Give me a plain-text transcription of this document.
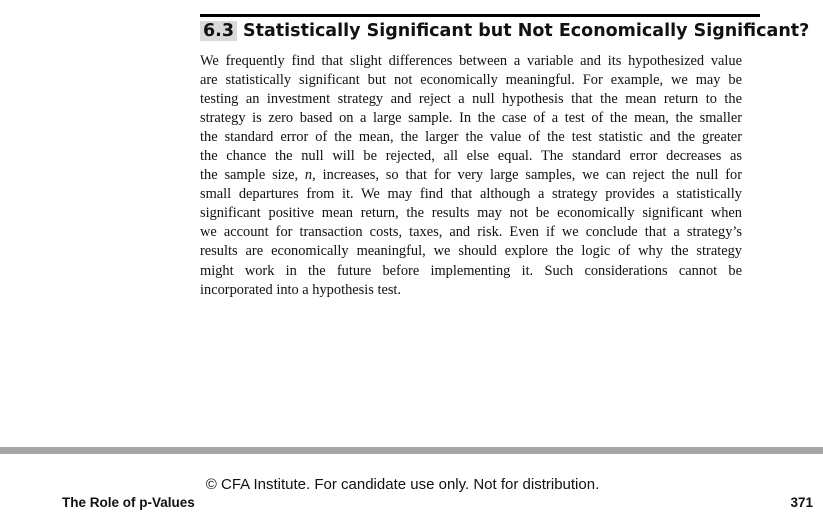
6.3 Statistically Significant but Not Economically Significant?
We frequently find that slight differences between a variable and its hypothesized value
are statistically significant but not economically meaningful. For example, we may be
testing an investment strategy and reject a null hypothesis that the mean return to the
strategy is zero based on a large sample. In the case of a test of the mean, the smaller
the standard error of the mean, the larger the value of the test statistic and the greater
the chance the null will be rejected, all else equal. The standard error decreases as
the sample size, n, increases, so that for very large samples, we can reject the null for
small departures from it. We may find that although a strategy provides a statistically
significant positive mean return, the results may not be economically significant when
we account for transaction costs, taxes, and risk. Even if we conclude that a strategy’s
results are economically meaningful, we should explore the logic of why the strategy
might work in the future before implementing it. Such considerations cannot be
incorporated into a hypothesis test.
© CFA Institute. For candidate use only. Not for distribution.
The Role of p-Values	371
